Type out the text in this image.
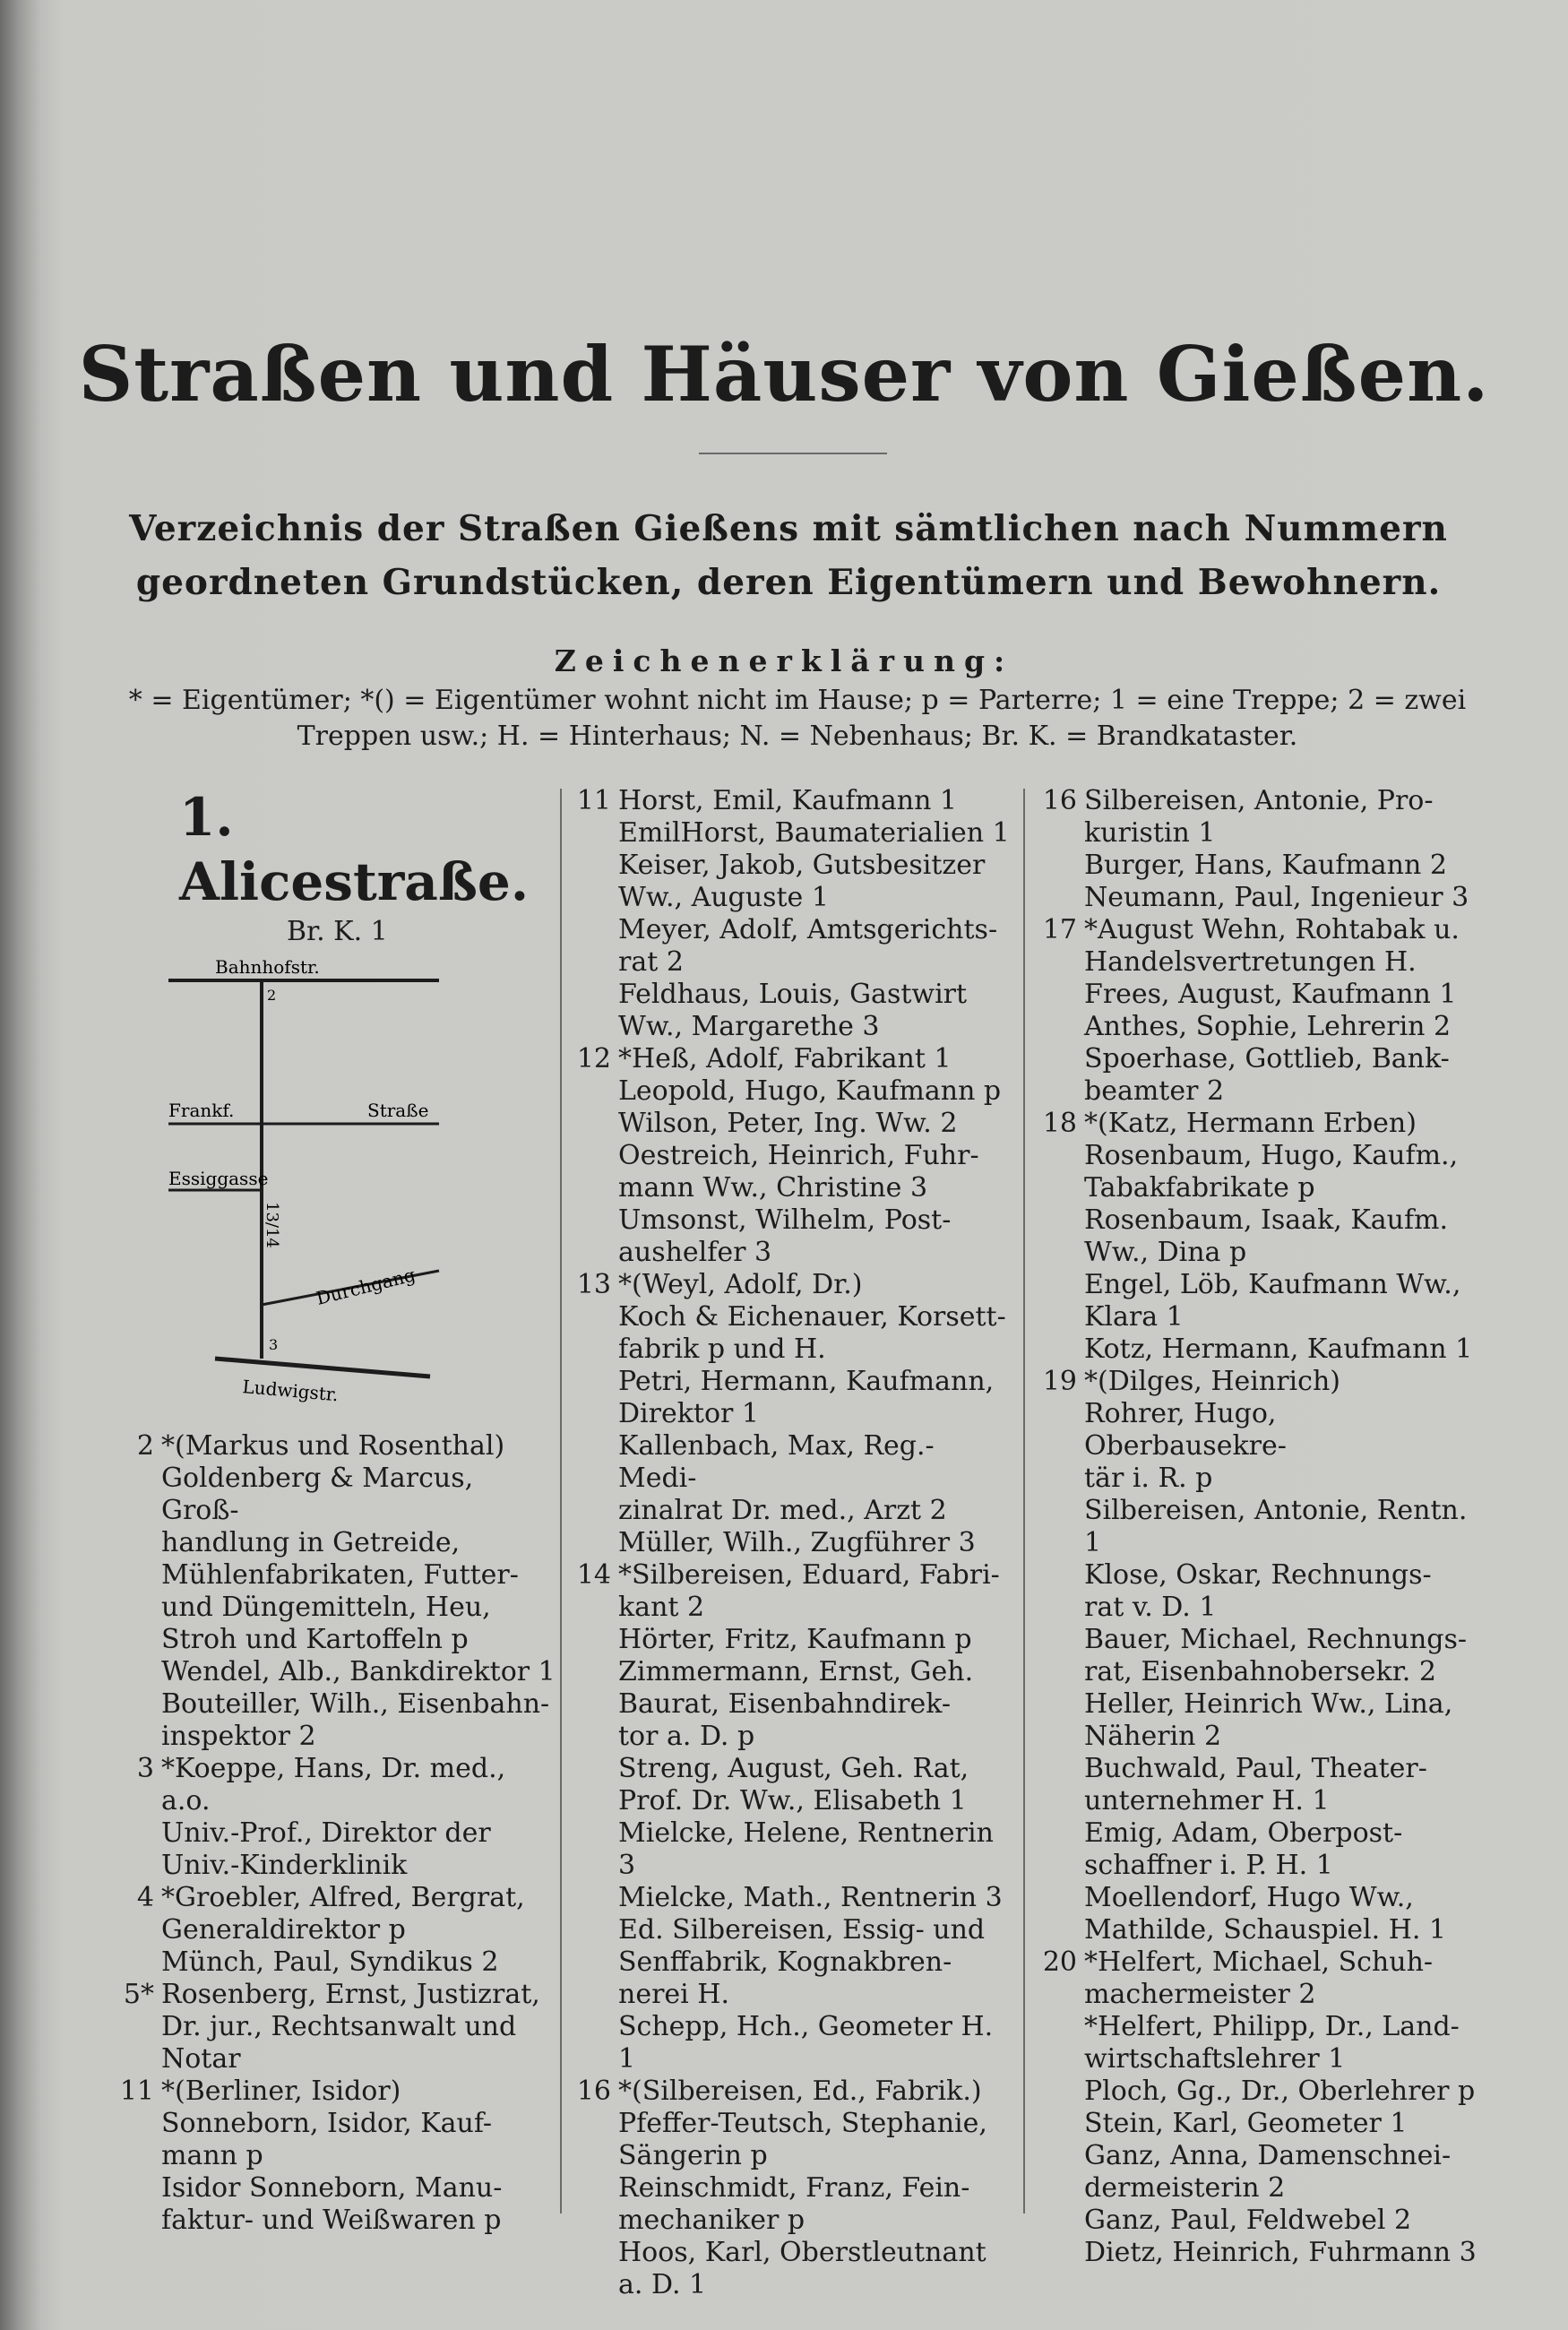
Straßen und Häuser von Gießen.
Verzeichnis der Straßen Gießens mit sämtlichen nach Nummern geordneten Grundstücken, deren Eigentümern und Bewohnern.
Zeichenerklärung:
* = Eigentümer; *() = Eigentümer wohnt nicht im Hause; p = Parterre; 1 = eine Treppe; 2 = zwei Treppen usw.; H. = Hinterhaus; N. = Nebenhaus; Br. K. = Brandkataster.
1. Alicestraße.
Br. K. 1
Bahnhofstr.
Frankf.	Straße
Essiggasse
Durchgang
Ludwigstr.
2
13/14
3
2 *(Markus und Rosenthal)
Goldenberg & Marcus, Groß-
handlung in Getreide,
Mühlenfabrikaten, Futter-
und Düngemitteln, Heu,
Stroh und Kartoffeln p
Wendel, Alb., Bankdirektor 1
Bouteiller, Wilh., Eisenbahn-
inspektor 2
3 *Koeppe, Hans, Dr. med., a.o.
Univ.-Prof., Direktor der
Univ.-Kinderklinik
4 *Groebler, Alfred, Bergrat,
Generaldirektor p
Münch, Paul, Syndikus 2
5* Rosenberg, Ernst, Justizrat,
Dr. jur., Rechtsanwalt und
Notar
11 *(Berliner, Isidor)
Sonneborn, Isidor, Kauf-
mann p
Isidor Sonneborn, Manu-
faktur- und Weißwaren p
11 Horst, Emil, Kaufmann 1
EmilHorst, Baumaterialien 1
Keiser, Jakob, Gutsbesitzer
Ww., Auguste 1
Meyer, Adolf, Amtsgerichts-
rat 2
Feldhaus, Louis, Gastwirt
Ww., Margarethe 3
12 *Heß, Adolf, Fabrikant 1
Leopold, Hugo, Kaufmann p
Wilson, Peter, Ing. Ww. 2
Oestreich, Heinrich, Fuhr-
mann Ww., Christine 3
Umsonst, Wilhelm, Post-
aushelfer 3
13 *(Weyl, Adolf, Dr.)
Koch & Eichenauer, Korsett-
fabrik p und H.
Petri, Hermann, Kaufmann,
Direktor 1
Kallenbach, Max, Reg.-Medi-
zinalrat Dr. med., Arzt 2
Müller, Wilh., Zugführer 3
14 *Silbereisen, Eduard, Fabri-
kant 2
Hörter, Fritz, Kaufmann p
Zimmermann, Ernst, Geh.
Baurat, Eisenbahndirek-
tor a. D. p
Streng, August, Geh. Rat,
Prof. Dr. Ww., Elisabeth 1
Mielcke, Helene, Rentnerin 3
Mielcke, Math., Rentnerin 3
Ed. Silbereisen, Essig- und
Senffabrik, Kognakbren-
nerei H.
Schepp, Hch., Geometer H. 1
16 *(Silbereisen, Ed., Fabrik.)
Pfeffer-Teutsch, Stephanie,
Sängerin p
Reinschmidt, Franz, Fein-
mechaniker p
Hoos, Karl, Oberstleutnant
a. D. 1
16 Silbereisen, Antonie, Pro-
kuristin 1
Burger, Hans, Kaufmann 2
Neumann, Paul, Ingenieur 3
17 *August Wehn, Rohtabak u.
Handelsvertretungen H.
Frees, August, Kaufmann 1
Anthes, Sophie, Lehrerin 2
Spoerhase, Gottlieb, Bank-
beamter 2
18 *(Katz, Hermann Erben)
Rosenbaum, Hugo, Kaufm.,
Tabakfabrikate p
Rosenbaum, Isaak, Kaufm.
Ww., Dina p
Engel, Löb, Kaufmann Ww.,
Klara 1
Kotz, Hermann, Kaufmann 1
19 *(Dilges, Heinrich)
Rohrer, Hugo, Oberbausekre-
tär i. R. p
Silbereisen, Antonie, Rentn. 1
Klose, Oskar, Rechnungs-
rat v. D. 1
Bauer, Michael, Rechnungs-
rat, Eisenbahnobersekr. 2
Heller, Heinrich Ww., Lina,
Näherin 2
Buchwald, Paul, Theater-
unternehmer H. 1
Emig, Adam, Oberpost-
schaffner i. P. H. 1
Moellendorf, Hugo Ww.,
Mathilde, Schauspiel. H. 1
20 *Helfert, Michael, Schuh-
machermeister 2
*Helfert, Philipp, Dr., Land-
wirtschaftslehrer 1
Ploch, Gg., Dr., Oberlehrer p
Stein, Karl, Geometer 1
Ganz, Anna, Damenschnei-
dermeisterin 2
Ganz, Paul, Feldwebel 2
Dietz, Heinrich, Fuhrmann 3
